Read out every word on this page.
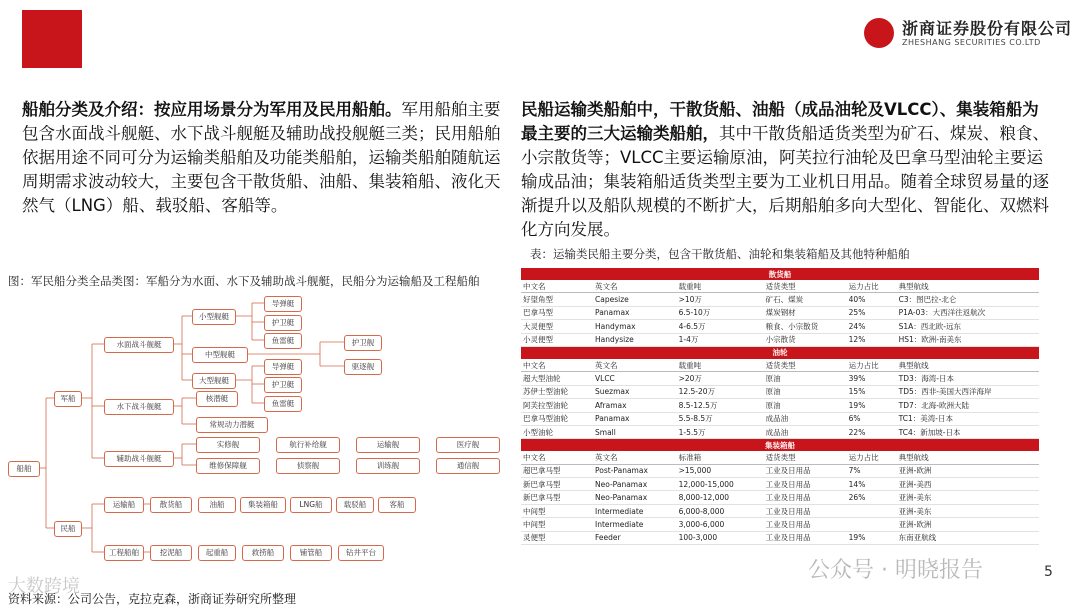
浙商证券股份有限公司
ZHESHANG SECURITIES CO.LTD
船舶分类及介绍：按应用场景分为军用及民用船舶。军用船舶主要包含水面战斗舰艇、水下战斗舰艇及辅助战投舰艇三类；民用船舶依据用途不同可分为运输类船舶及功能类船舶，运输类船舶随航运周期需求波动较大，主要包含干散货船、油船、集装箱船、液化天然气（LNG）船、载驳船、客船等。
民船运输类船舶中，干散货船、油船（成品油轮及VLCC）、集装箱船为最主要的三大运输类船舶，其中干散货船适货类型为矿石、煤炭、粮食、小宗散货等；VLCC主要运输原油，阿芙拉行油轮及巴拿马型油轮主要运输成品油；集装箱船适货类型主要为工业机日用品。随着全球贸易量的逐渐提升以及船队规模的不断扩大，后期船舶多向大型化、智能化、双燃料化方向发展。
图：军民船分类全品类图：军船分为水面、水下及辅助战斗舰艇，民船分为运输船及工程船舶
表：运输类民船主要分类，包含干散货船、油轮和集装箱船及其他特种船舶
船舶
军船
民船
水面战斗舰艇
水下战斗舰艇
辅助战斗舰艇
小型舰艇
中型舰艇
大型舰艇
导弹艇
护卫艇
鱼雷艇	护卫舰
驱逐舰
导弹艇
护卫艇
鱼雷艇
核潜艇
常规动力潜艇
实修舰	航行补给舰	运输舰	医疗舰
维修保障舰	侦察舰	训练舰	通信舰
运输船
工程船舶
散货船	油船	集装箱船	LNG船	载驳船	客船
挖泥船	起重船	救捞船	铺管船	钻井平台
散货船					
中文名	英文名	载重吨	适货类型	运力占比	典型航线
好望角型	Capesize	>10万	矿石、煤炭	40%	C3：图巴拉-北仑
巴拿马型	Panamax	6.5-10万	煤炭钢材	25%	P1A-03：大西洋往返航次
大灵便型	Handymax	4-6.5万	粮食、小宗散货	24%	S1A：西北欧-远东
小灵便型	Handysize	1-4万	小宗散货	12%	HS1：欧洲-南美东
油轮					
中文名	英文名	载重吨	适货类型	运力占比	典型航线
超大型油轮	VLCC	>20万	原油	39%	TD3：海湾-日本
苏伊士型油轮	Suezmax	12.5-20万	原油	15%	TD5：西非-美国大西洋海岸
阿芙拉型油轮	Aframax	8.5-12.5万	原油	19%	TD7：北海-欧洲大陆
巴拿马型油轮	Panamax	5.5-8.5万	成品油	6%	TC1：美湾-日本
小型油轮	Small	1-5.5万	成品油	22%	TC4：新加坡-日本
集装箱船					
中文名	英文名	标准箱	适货类型	运力占比	典型航线
超巴拿马型	Post-Panamax	>15,000	工业及日用品	7%	亚洲-欧洲
新巴拿马型	Neo-Panamax	12,000-15,000	工业及日用品	14%	亚洲-美西
新巴拿马型	Neo-Panamax	8,000-12,000	工业及日用品	26%	亚洲-美东
中间型	Intermediate	6,000-8,000	工业及日用品		亚洲-美东
中间型	Intermediate	3,000-6,000	工业及日用品		亚洲-欧洲
灵便型	Feeder	100-3,000	工业及日用品	19%	东南亚航线
大数跨境
公众号 · 明晓报告
资料来源：公司公告，克拉克森，浙商证券研究所整理
5
